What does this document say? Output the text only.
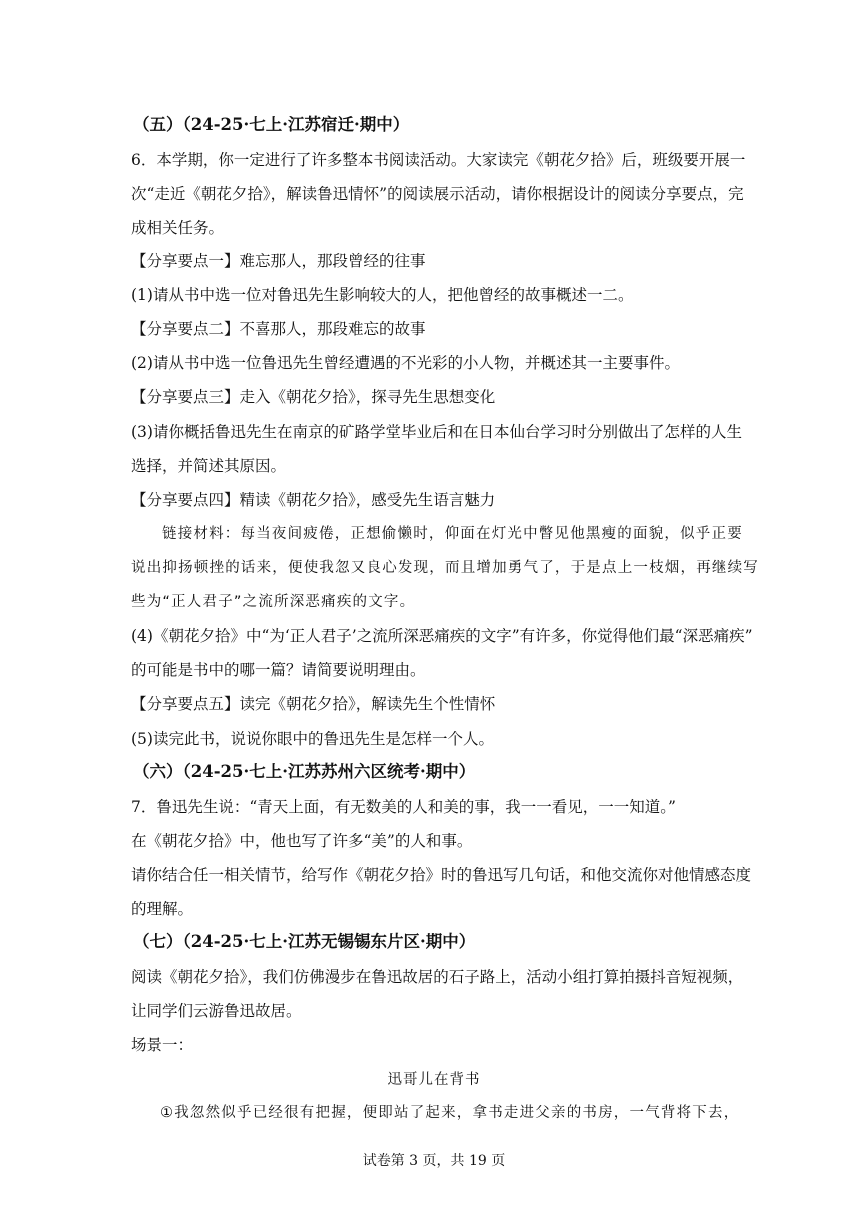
（五）（24-25·七上·江苏宿迁·期中）
6．本学期，你一定进行了许多整本书阅读活动。大家读完《朝花夕拾》后，班级要开展一
次“走近《朝花夕拾》，解读鲁迅情怀”的阅读展示活动，请你根据设计的阅读分享要点，完
成相关任务。
【分享要点一】难忘那人，那段曾经的往事
(1)请从书中选一位对鲁迅先生影响较大的人，把他曾经的故事概述一二。
【分享要点二】不喜那人，那段难忘的故事
(2)请从书中选一位鲁迅先生曾经遭遇的不光彩的小人物，并概述其一主要事件。
【分享要点三】走入《朝花夕拾》，探寻先生思想变化
(3)请你概括鲁迅先生在南京的矿路学堂毕业后和在日本仙台学习时分别做出了怎样的人生
选择，并简述其原因。
【分享要点四】精读《朝花夕拾》，感受先生语言魅力
链接材料：每当夜间疲倦，正想偷懒时，仰面在灯光中瞥见他黑瘦的面貌，似乎正要
说出抑扬顿挫的话来，便使我忽又良心发现，而且增加勇气了，于是点上一枝烟，再继续写
些为“正人君子”之流所深恶痛疾的文字。
(4)《朝花夕拾》中“为‘正人君子’之流所深恶痛疾的文字”有许多，你觉得他们最“深恶痛疾”
的可能是书中的哪一篇？请简要说明理由。
【分享要点五】读完《朝花夕拾》，解读先生个性情怀
(5)读完此书，说说你眼中的鲁迅先生是怎样一个人。
（六）（24-25·七上·江苏苏州六区统考·期中）
7．鲁迅先生说：“青天上面，有无数美的人和美的事，我一一看见，一一知道。”
在《朝花夕拾》中，他也写了许多“美”的人和事。
请你结合任一相关情节，给写作《朝花夕拾》时的鲁迅写几句话，和他交流你对他情感态度
的理解。
（七）（24-25·七上·江苏无锡锡东片区·期中）
阅读《朝花夕拾》，我们仿佛漫步在鲁迅故居的石子路上，活动小组打算拍摄抖音短视频，
让同学们云游鲁迅故居。
场景一：
迅哥儿在背书
①我忽然似乎已经很有把握，便即站了起来，拿书走进父亲的书房，一气背将下去，
试卷第 3 页，共 19 页
